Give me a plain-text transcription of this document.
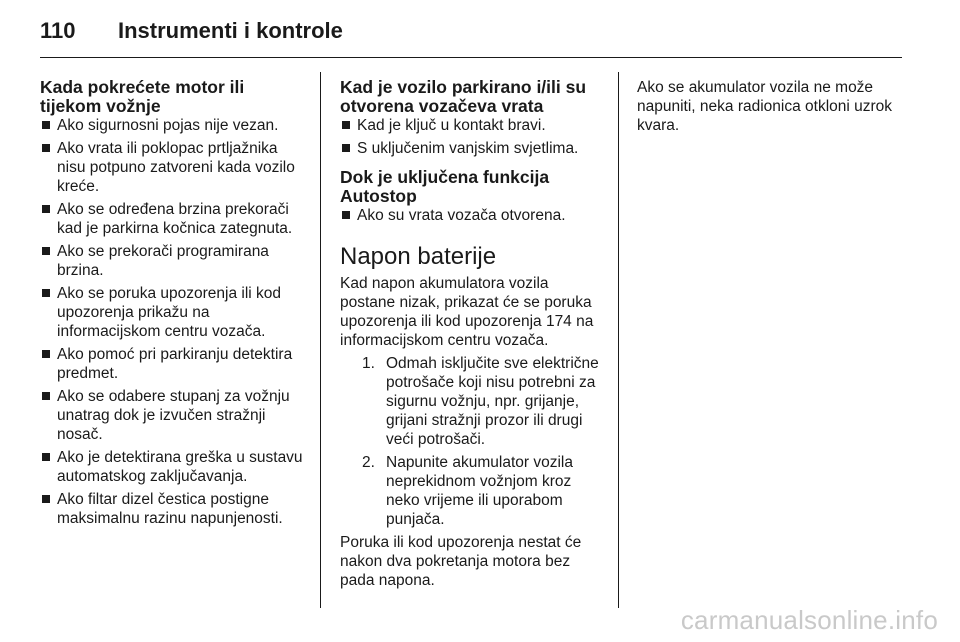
110	Instrumenti i kontrole
Kada pokrećete motor ili tijekom vožnje
Ako sigurnosni pojas nije vezan.
Ako vrata ili poklopac prtljažnika nisu potpuno zatvoreni kada vozilo kreće.
Ako se određena brzina prekorači kad je parkirna kočnica zategnuta.
Ako se prekorači programirana brzina.
Ako se poruka upozorenja ili kod upozorenja prikažu na informacijskom centru vozača.
Ako pomoć pri parkiranju detektira predmet.
Ako se odabere stupanj za vožnju unatrag dok je izvučen stražnji nosač.
Ako je detektirana greška u sustavu automatskog zaključavanja.
Ako filtar dizel čestica postigne maksimalnu razinu napunjenosti.
Kad je vozilo parkirano i/ili su otvorena vozačeva vrata
Kad je ključ u kontakt bravi.
S uključenim vanjskim svjetlima.
Dok je uključena funkcija Autostop
Ako su vrata vozača otvorena.
Napon baterije

Kad napon akumulatora vozila postane nizak, prikazat će se poruka upozorenja ili kod upozorenja 174 na informacijskom centru vozača.

1. Odmah isključite sve električne potrošače koji nisu potrebni za sigurnu vožnju, npr. grijanje, grijani stražnji prozor ili drugi veći potrošači.
2. Napunite akumulator vozila neprekidnom vožnjom kroz neko vrijeme ili uporabom punjača.

Poruka ili kod upozorenja nestat će nakon dva pokretanja motora bez pada napona.

Ako se akumulator vozila ne može napuniti, neka radionica otkloni uzrok kvara.

carmanualsonline.info
